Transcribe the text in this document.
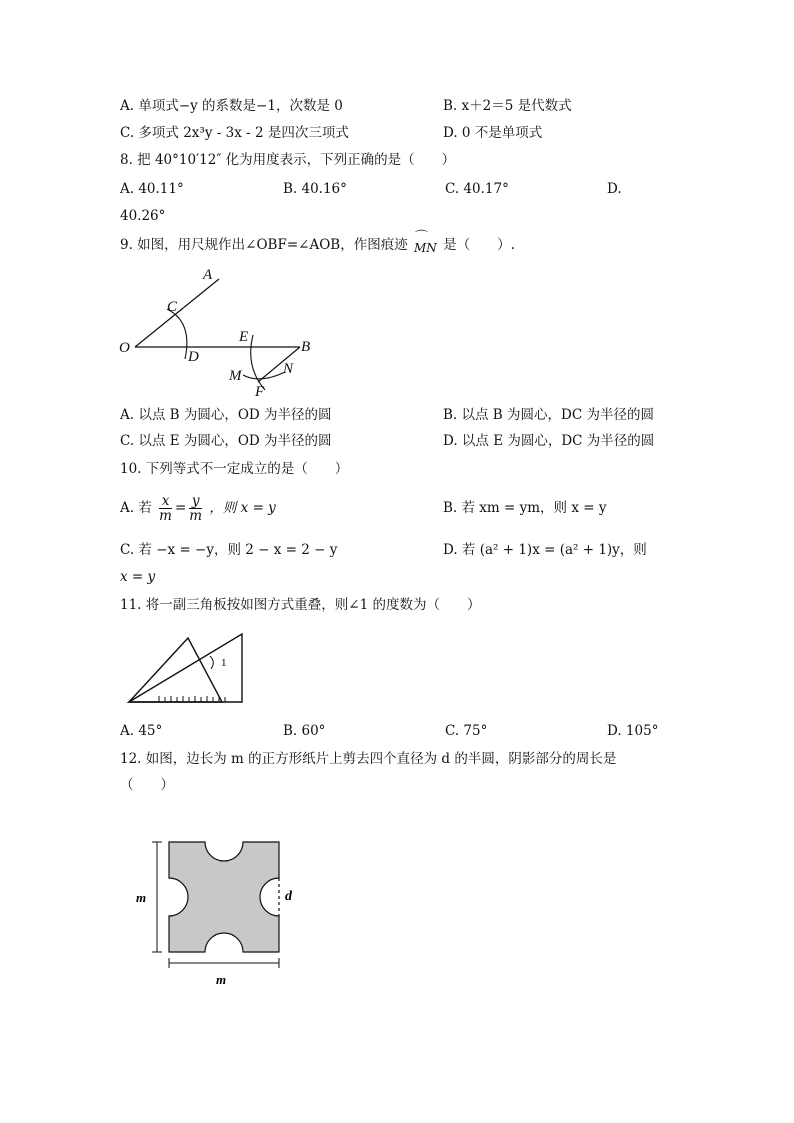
A. 单项式−y 的系数是−1，次数是 0	B. x＋2＝5 是代数式
C. 多项式 2x³y - 3x - 2 是四次三项式	D. 0 不是单项式
8. 把 40°10′12″ 化为用度表示，下列正确的是（　　）
A. 40.11°	B. 40.16°	C. 40.17°	D.
40.26°
9. 如图，用尺规作出∠OBF=∠AOB，作图痕迹 ⌒
MN 是（　　）.
A
C
O
D
E
B
M	N
F
A. 以点 B 为圆心，OD 为半径的圆	B. 以点 B 为圆心，DC 为半径的圆
C. 以点 E 为圆心，OD 为半径的圆	D. 以点 E 为圆心，DC 为半径的圆
10. 下列等式不一定成立的是（　　）
A. 若 $\frac{x}{m} = \frac{y}{m}$ ，则 x = y	B. 若 xm = ym，则 x = y
C. 若 −x = −y，则 2 − x = 2 − y	D. 若 (a² + 1)x = (a² + 1)y，则
x = y
11. 将一副三角板按如图方式重叠，则∠1 的度数为（　　）
1
A. 45°	B. 60°	C. 75°	D. 105°
12. 如图，边长为 m 的正方形纸片上剪去四个直径为 d 的半圆，阴影部分的周长是
（　　）
m
m
d
